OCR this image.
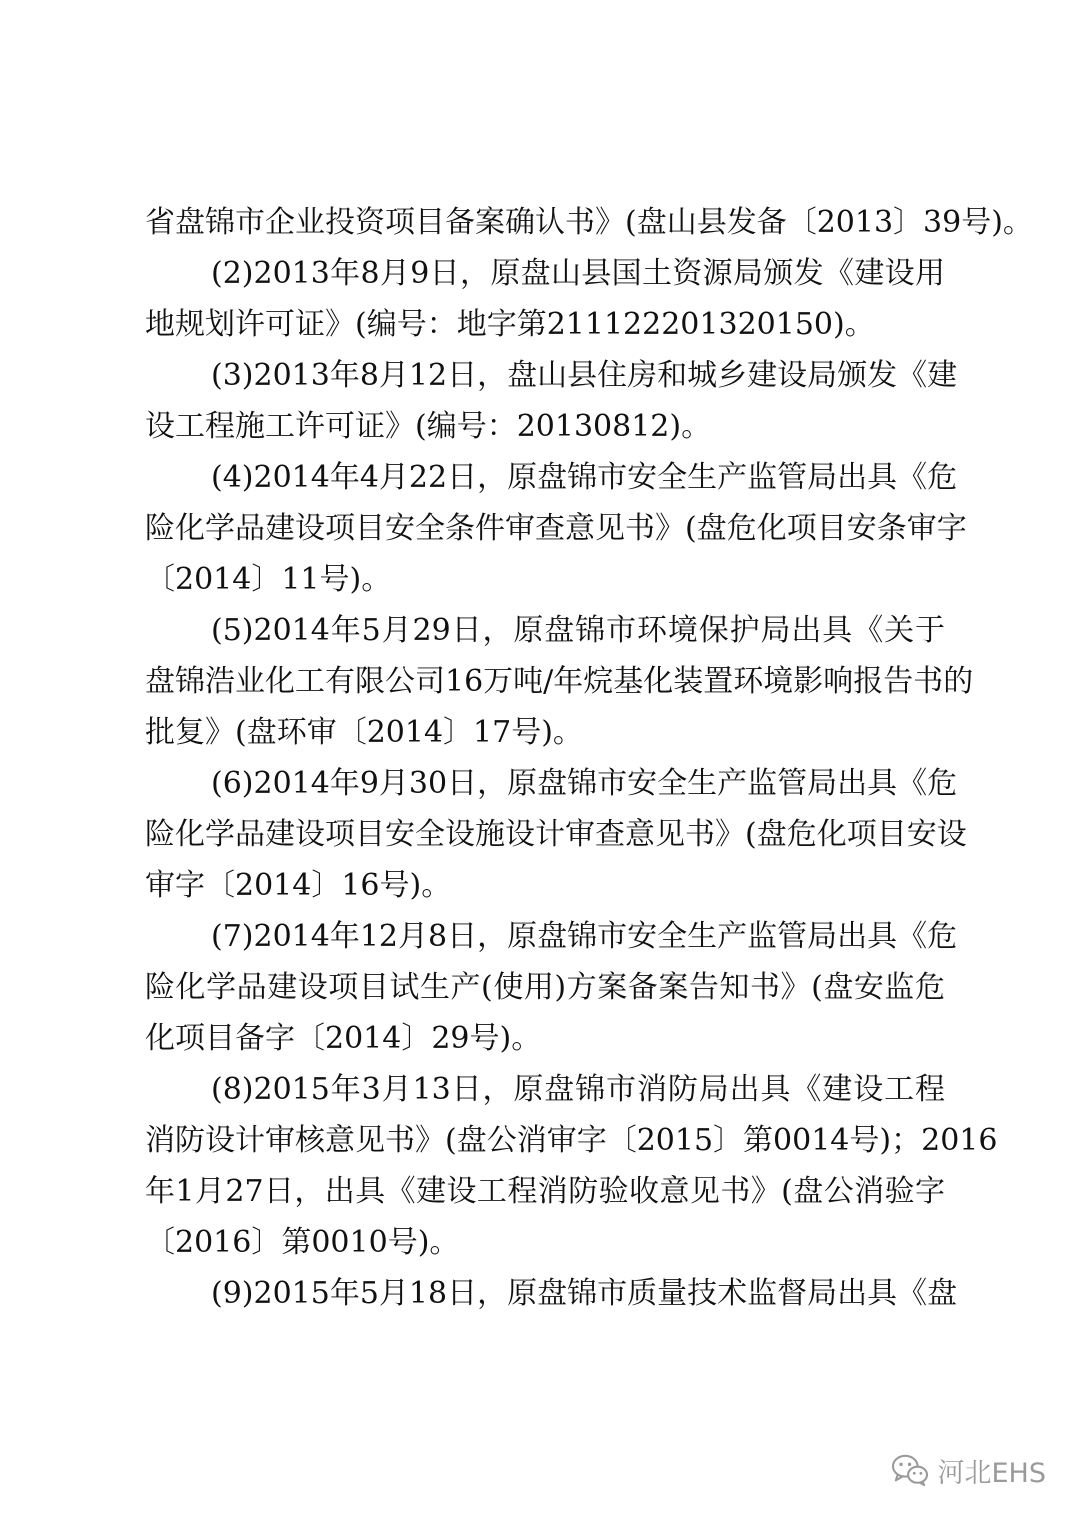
省盘锦市企业投资项目备案确认书》(盘山县发备〔2013〕39号)。
(2)2013年8月9日，原盘山县国土资源局颁发《建设用
地规划许可证》(编号：地字第211122201320150)。
(3)2013年8月12日，盘山县住房和城乡建设局颁发《建
设工程施工许可证》(编号：20130812)。
(4)2014年4月22日，原盘锦市安全生产监管局出具《危
险化学品建设项目安全条件审查意见书》(盘危化项目安条审字
〔2014〕11号)。
(5)2014年5月29日，原盘锦市环境保护局出具《关于
盘锦浩业化工有限公司16万吨/年烷基化装置环境影响报告书的
批复》(盘环审〔2014〕17号)。
(6)2014年9月30日，原盘锦市安全生产监管局出具《危
险化学品建设项目安全设施设计审查意见书》(盘危化项目安设
审字〔2014〕16号)。
(7)2014年12月8日，原盘锦市安全生产监管局出具《危
险化学品建设项目试生产(使用)方案备案告知书》(盘安监危
化项目备字〔2014〕29号)。
(8)2015年3月13日，原盘锦市消防局出具《建设工程
消防设计审核意见书》(盘公消审字〔2015〕第0014号)；2016
年1月27日，出具《建设工程消防验收意见书》(盘公消验字
〔2016〕第0010号)。
(9)2015年5月18日，原盘锦市质量技术监督局出具《盘
河北EHS
